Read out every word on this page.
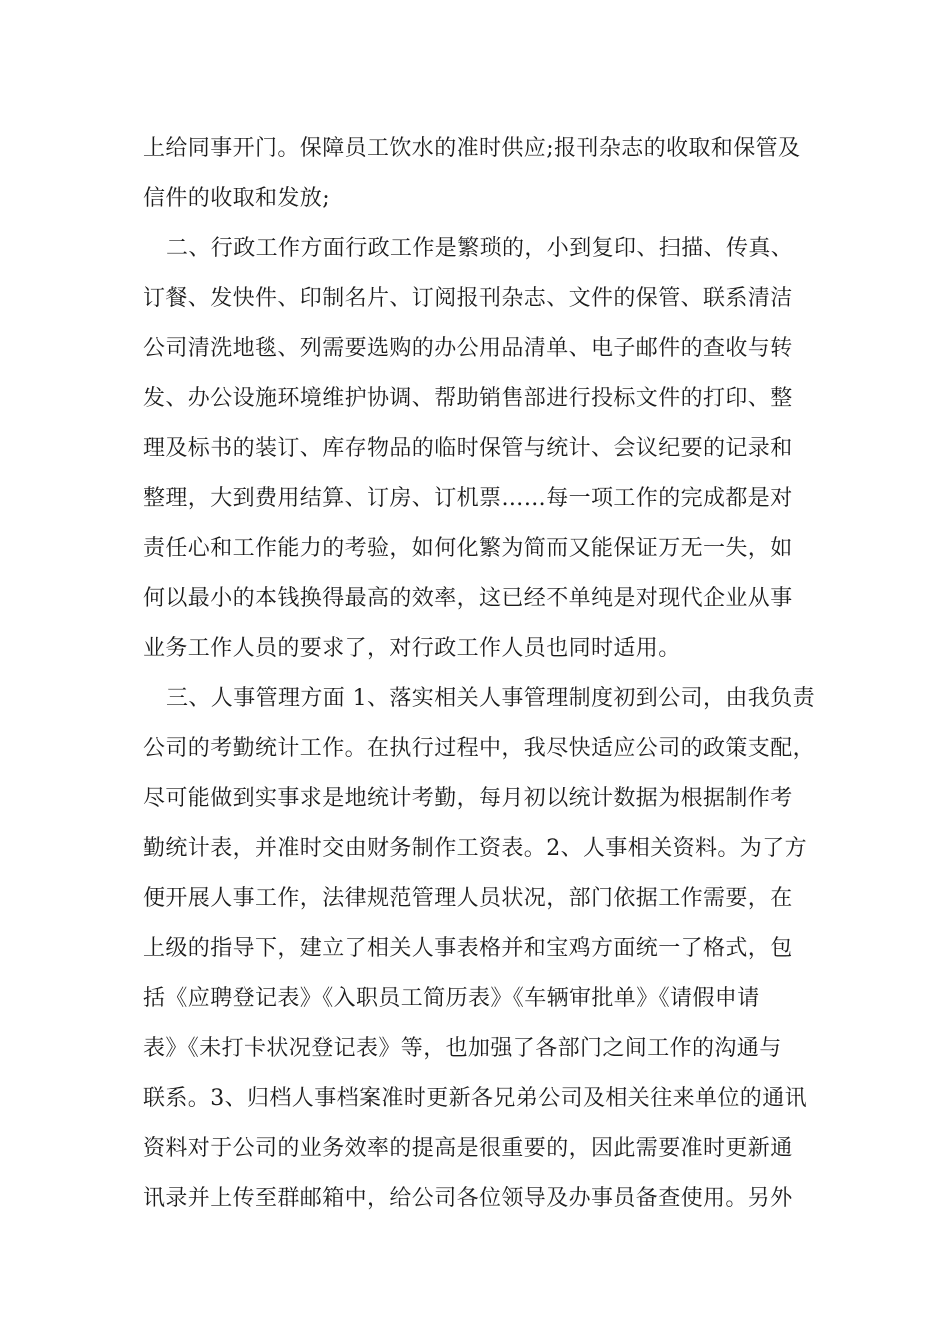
上给同事开门。保障员工饮水的准时供应;报刊杂志的收取和保管及
信件的收取和发放;
二、行政工作方面行政工作是繁琐的，小到复印、扫描、传真、
订餐、发快件、印制名片、订阅报刊杂志、文件的保管、联系清洁
公司清洗地毯、列需要选购的办公用品清单、电子邮件的查收与转
发、办公设施环境维护协调、帮助销售部进行投标文件的打印、整
理及标书的装订、库存物品的临时保管与统计、会议纪要的记录和
整理，大到费用结算、订房、订机票……每一项工作的完成都是对
责任心和工作能力的考验，如何化繁为简而又能保证万无一失，如
何以最小的本钱换得最高的效率，这已经不单纯是对现代企业从事
业务工作人员的要求了，对行政工作人员也同时适用。
三、人事管理方面 1、落实相关人事管理制度初到公司，由我负责
公司的考勤统计工作。在执行过程中，我尽快适应公司的政策支配，
尽可能做到实事求是地统计考勤，每月初以统计数据为根据制作考
勤统计表，并准时交由财务制作工资表。2、人事相关资料。为了方
便开展人事工作，法律规范管理人员状况，部门依据工作需要，在
上级的指导下，建立了相关人事表格并和宝鸡方面统一了格式，包
括《应聘登记表》《入职员工简历表》《车辆审批单》《请假申请
表》《未打卡状况登记表》等，也加强了各部门之间工作的沟通与
联系。3、归档人事档案准时更新各兄弟公司及相关往来单位的通讯
资料对于公司的业务效率的提高是很重要的，因此需要准时更新通
讯录并上传至群邮箱中，给公司各位领导及办事员备查使用。另外
